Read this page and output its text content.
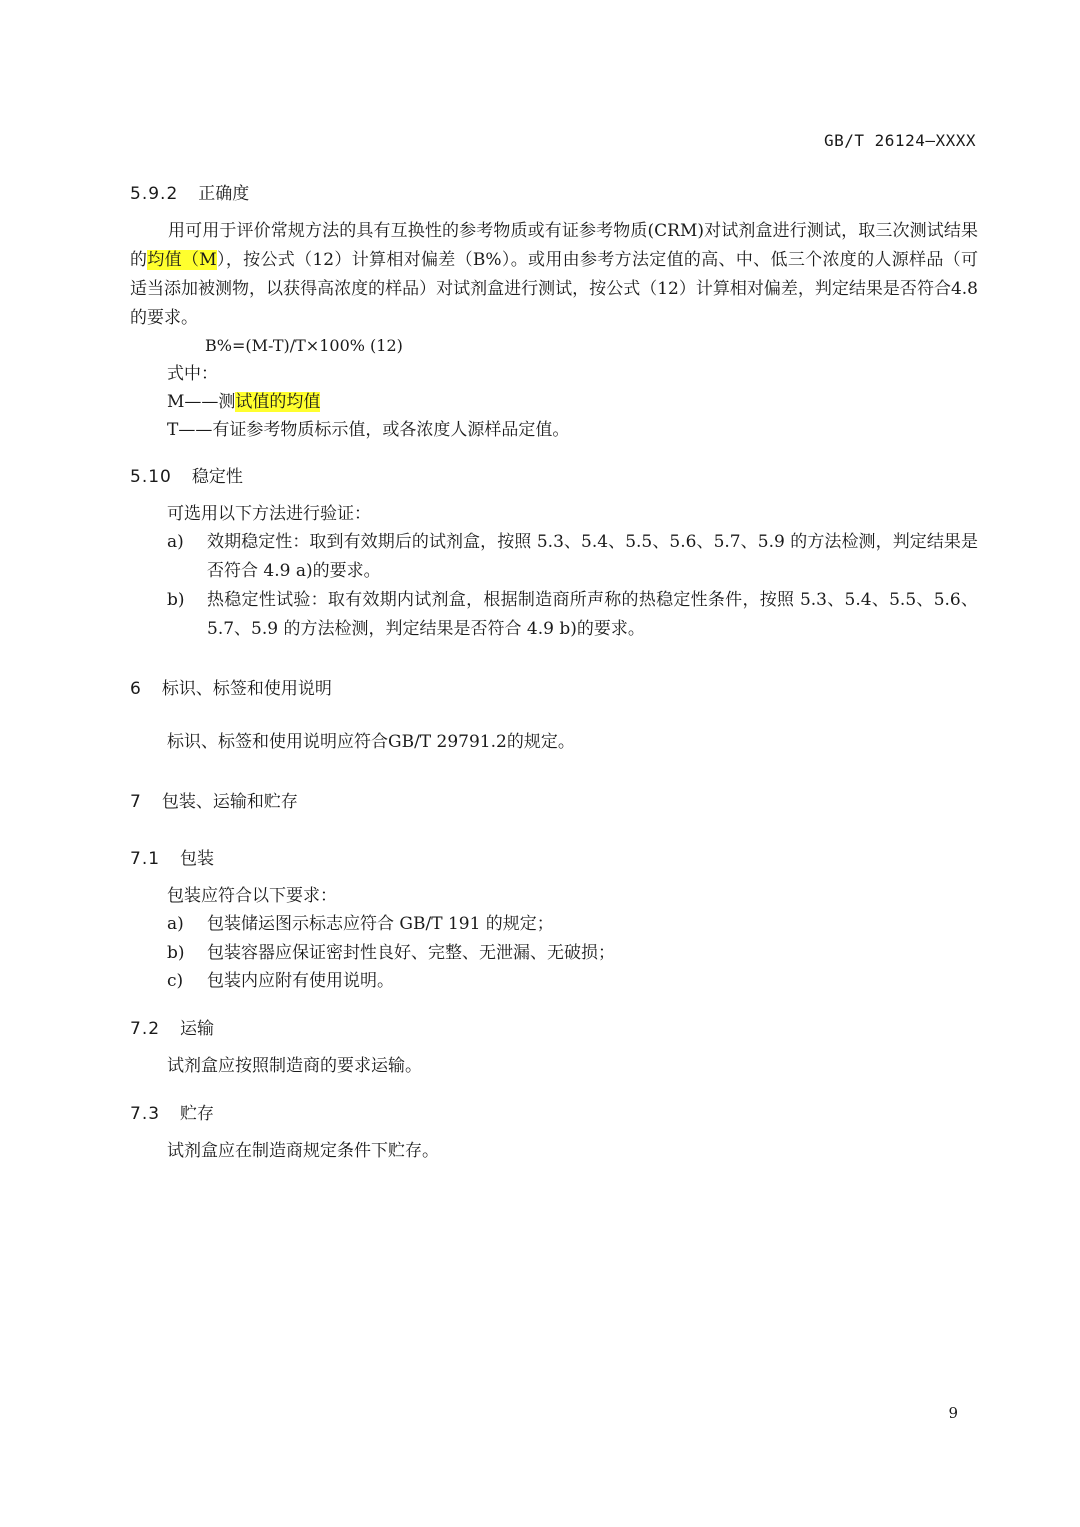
GB/T 26124—XXXX
5.9.2 正确度
用可用于评价常规方法的具有互换性的参考物质或有证参考物质(CRM)对试剂盒进行测试，取三次测试结果的均值（M），按公式（12）计算相对偏差（B%）。或用由参考方法定值的高、中、低三个浓度的人源样品（可适当添加被测物，以获得高浓度的样品）对试剂盒进行测试，按公式（12）计算相对偏差，判定结果是否符合4.8的要求。
B%=(M-T)/T×100% (12)
式中：
M——测试值的均值
T——有证参考物质标示值，或各浓度人源样品定值。
5.10 稳定性
可选用以下方法进行验证：
a) 效期稳定性：取到有效期后的试剂盒，按照 5.3、5.4、5.5、5.6、5.7、5.9 的方法检测，判定结果是否符合 4.9 a)的要求。
b) 热稳定性试验：取有效期内试剂盒，根据制造商所声称的热稳定性条件，按照 5.3、5.4、5.5、5.6、5.7、5.9 的方法检测，判定结果是否符合 4.9 b)的要求。
6 标识、标签和使用说明
标识、标签和使用说明应符合GB/T 29791.2的规定。
7 包装、运输和贮存
7.1 包装
包装应符合以下要求：
a) 包装储运图示标志应符合 GB/T 191 的规定；
b) 包装容器应保证密封性良好、完整、无泄漏、无破损；
c) 包装内应附有使用说明。
7.2 运输
试剂盒应按照制造商的要求运输。
7.3 贮存
试剂盒应在制造商规定条件下贮存。
9
